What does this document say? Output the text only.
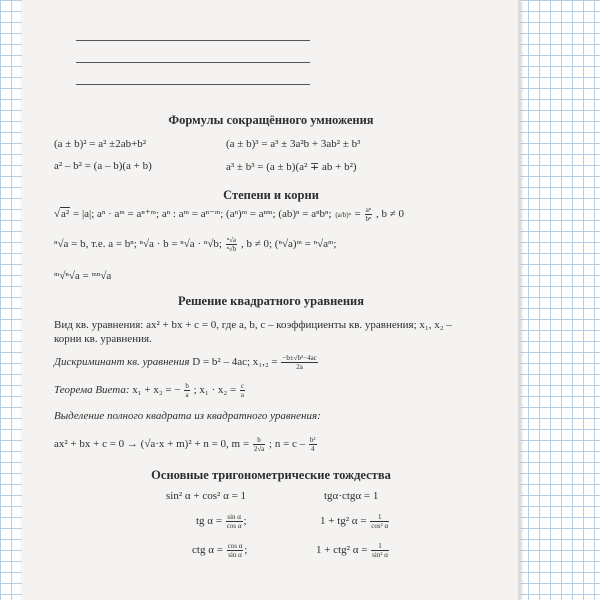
Формулы сокращённого умножения
(a ± b)² = a² ±2ab+b²	(a ± b)³ = a³ ± 3a²b + 3ab² ± b³
a² – b² = (a – b)(a + b)	a³ ± b³ = (a ± b)(a² ∓ ab + b²)
Степени и корни
√a² = |a|; aⁿ · aᵐ = aⁿ⁺ᵐ; aⁿ : aᵐ = aⁿ⁻ᵐ; (aⁿ)ᵐ = aⁿᵐ; (ab)ⁿ = aⁿbⁿ; $(a/b)^n = \frac{\text{aⁿ}}{\text{bⁿ}}$ , b ≠ 0
ⁿ√a = b, т.е. a = bⁿ; ⁿ√a · b = ⁿ√a · ⁿ√b; $\frac{\text{ⁿ√a}}{\text{ⁿ√b}}$ , b ≠ 0; (ⁿ√a)ᵐ = ⁿ√aᵐ;
ᵐ√ⁿ√a = ᵐⁿ√a
Решение квадратного уравнения
Вид кв. уравнения: ax² + bx + c = 0, где a, b, c – коэффициенты кв. уравнения; x₁, x₂ –
корни кв. уравнения.
Дискриминант кв. уравнения D = b² – 4ac; $x_1,_2 = \frac{\text{−b±√b²−4ac}}{2a}$
Теорема Виета: x₁ + x₂ = − $\frac{b}{a}$ ; $x_1 \cdot x_2 = \frac{c}{a}$
Выделение полного квадрата из квадратного уравнения:
ax² + bx + c = 0 → (√a·x + m)² + n = 0, $m = \frac{b}{2√a}$ ; $n = c - \frac{\text{b²}}{4}$
Основные тригонометрические тождества
sin² α + cos² α = 1	tgα·ctgα = 1
tg $\alpha = \frac{\text{sin α}}{\text{cos α}}$ ;	1 + tg² $\alpha = \frac{1}{\text{cos² α}}$
ctg $\alpha = \frac{\text{cos α}}{\text{sin α}}$ ;	1 + ctg² $\alpha = \frac{1}{\text{sin² α}}$
